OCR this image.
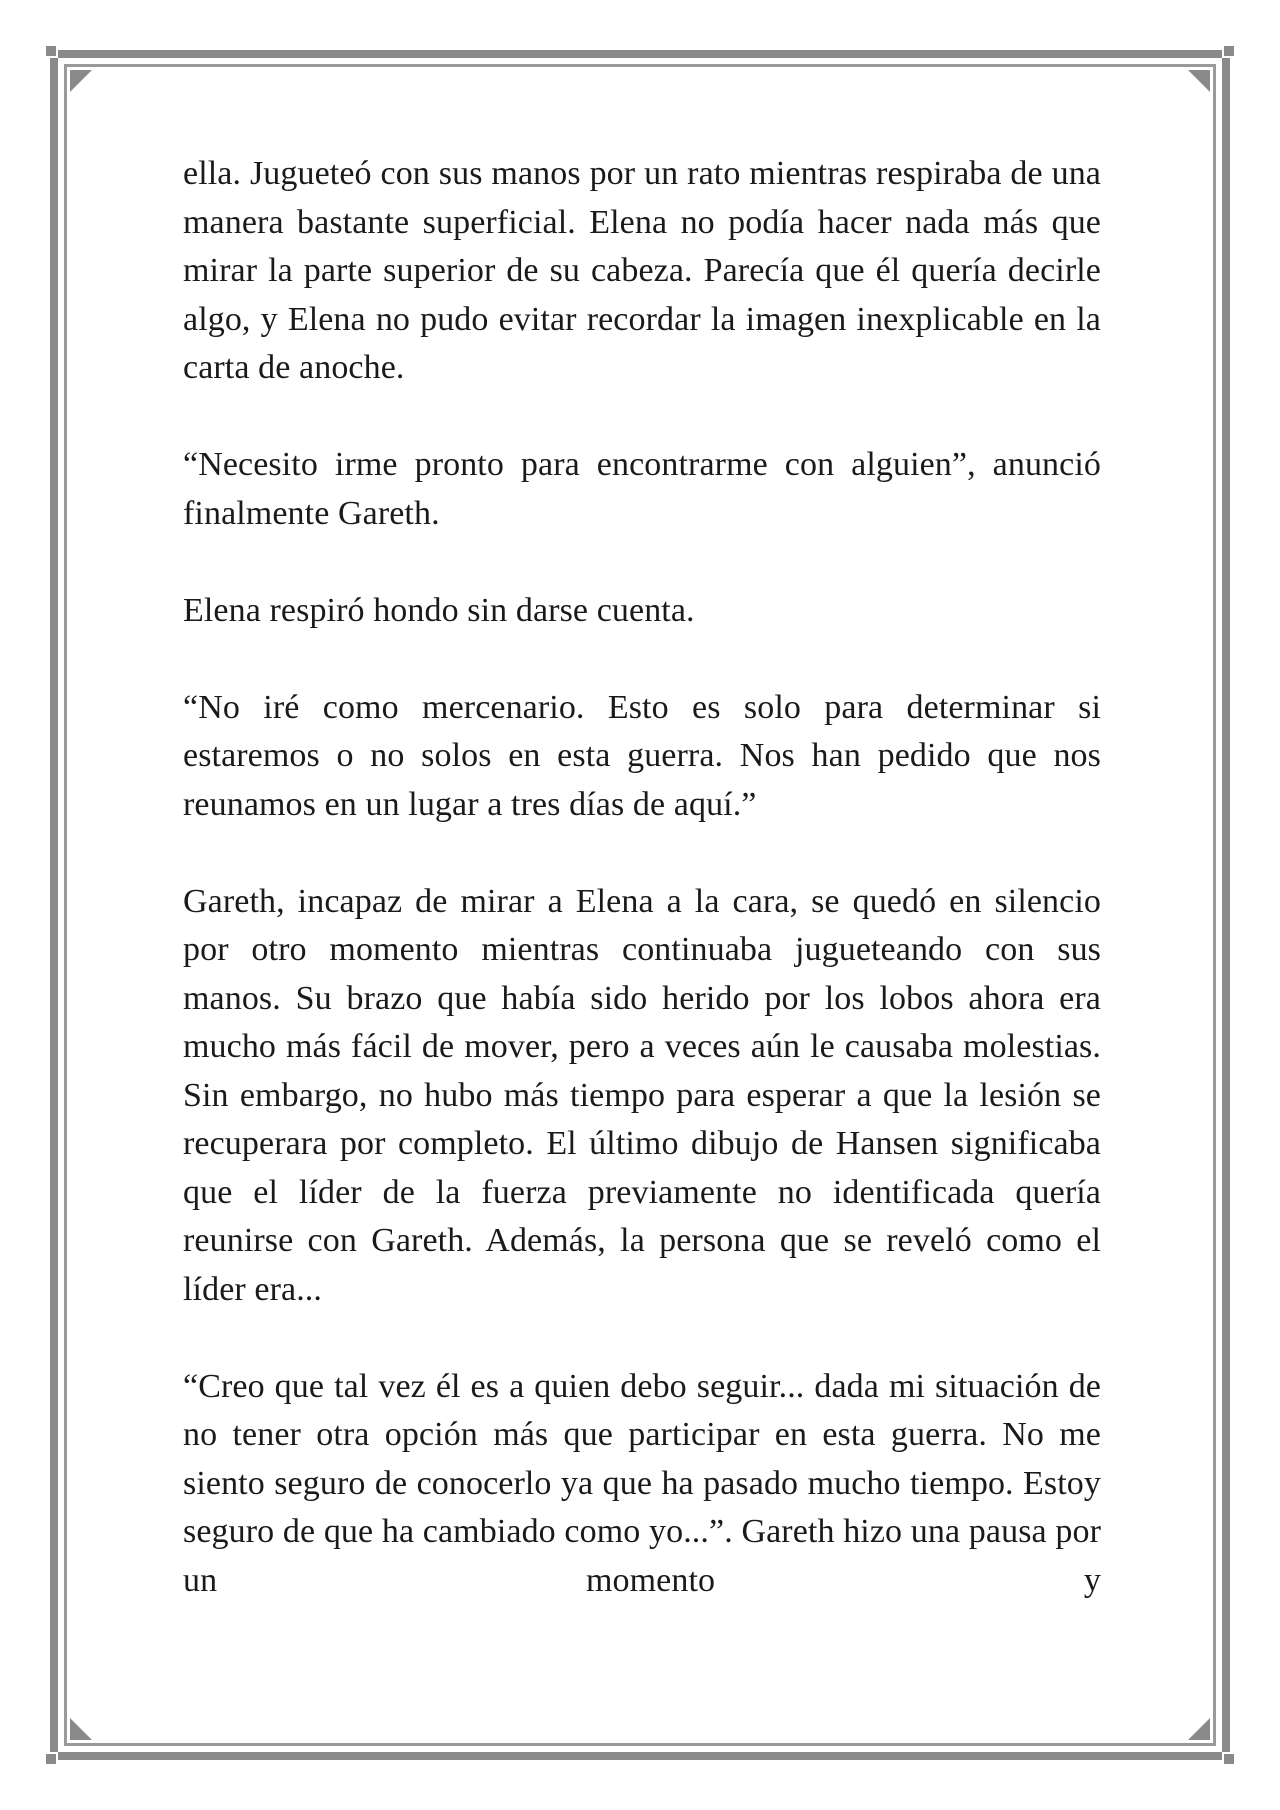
ella. Jugueteó con sus manos por un rato mientras respiraba de una manera bastante superficial. Elena no podía hacer nada más que mirar la parte superior de su cabeza. Parecía que él quería decirle algo, y Elena no pudo evitar recordar la imagen inexplicable en la carta de anoche.

“Necesito irme pronto para encontrarme con alguien”, anunció finalmente Gareth.

Elena respiró hondo sin darse cuenta.

“No iré como mercenario. Esto es solo para determinar si estaremos o no solos en esta guerra. Nos han pedido que nos reunamos en un lugar a tres días de aquí.”

Gareth, incapaz de mirar a Elena a la cara, se quedó en silencio por otro momento mientras continuaba jugueteando con sus manos. Su brazo que había sido herido por los lobos ahora era mucho más fácil de mover, pero a veces aún le causaba molestias. Sin embargo, no hubo más tiempo para esperar a que la lesión se recuperara por completo. El último dibujo de Hansen significaba que el líder de la fuerza previamente no identificada quería reunirse con Gareth. Además, la persona que se reveló como el líder era...

“Creo que tal vez él es a quien debo seguir... dada mi situación de no tener otra opción más que participar en esta guerra. No me siento seguro de conocerlo ya que ha pasado mucho tiempo. Estoy seguro de que ha cambiado como yo...”. Gareth hizo una pausa por un momento y
